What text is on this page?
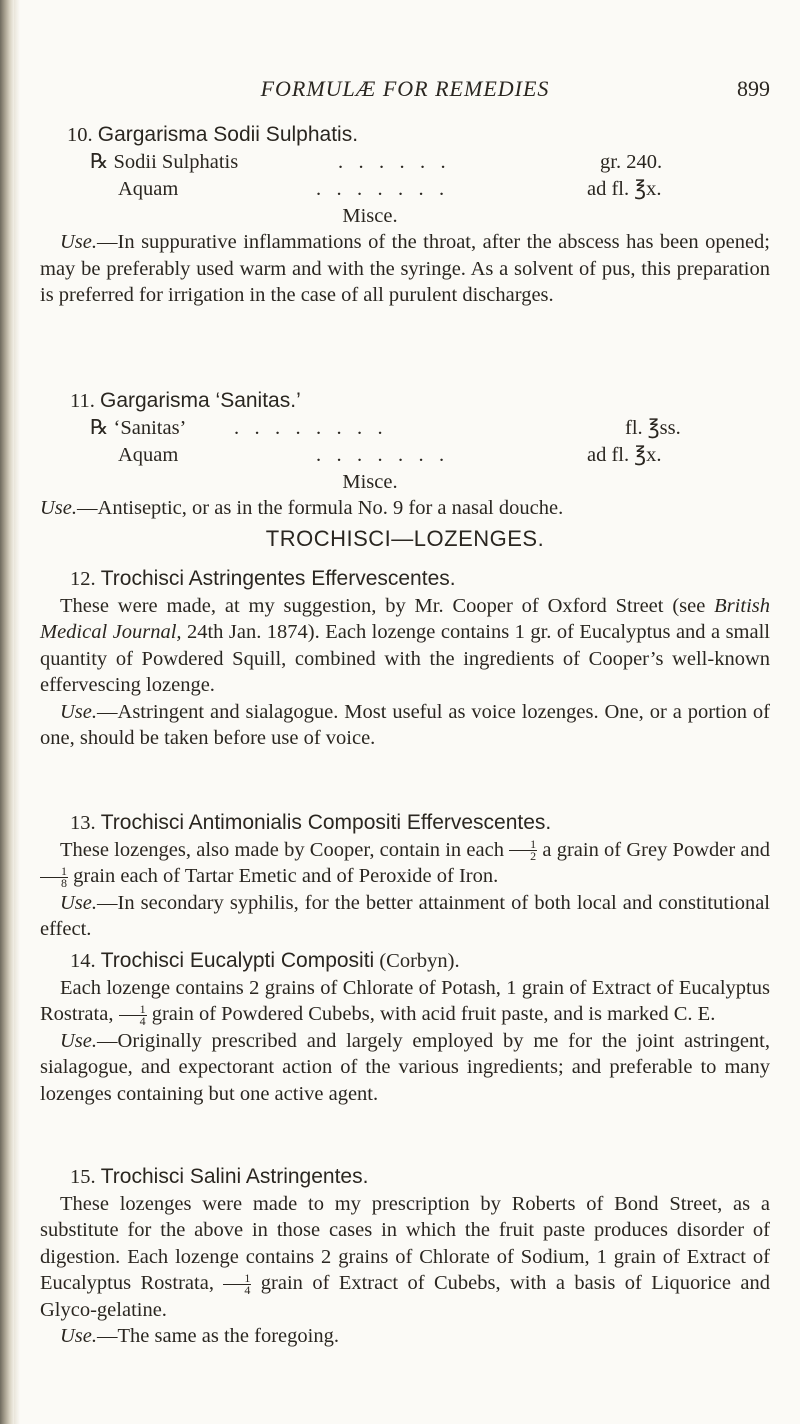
FORMULÆ FOR REMEDIES	899
10. Gargarisma Sodii Sulphatis.
℞ Sodii Sulphatis	.   .   .   .   .   .	gr. 240.
Aquam	.   .   .   .   .   .   .	ad fl. ℥x.
Misce.
Use.—In suppurative inflammations of the throat, after the abscess has been opened; may be preferably used warm and with the syringe. As a solvent of pus, this preparation is preferred for irrigation in the case of all purulent discharges.
11. Gargarisma ‘Sanitas.’
℞ ‘Sanitas’ .   .   .   .   .   .   .   .	fl. ℥ss.
Aquam	.   .   .   .   .   .   .	ad fl. ℥x.
Misce.
Use.—Antiseptic, or as in the formula No. 9 for a nasal douche.
TROCHISCI—LOZENGES.
12. Trochisci Astringentes Effervescentes.
These were made, at my suggestion, by Mr. Cooper of Oxford Street (see British Medical Journal, 24th Jan. 1874). Each lozenge contains 1 gr. of Eucalyptus and a small quantity of Powdered Squill, combined with the ingredients of Cooper’s well-known effervescing lozenge.
Use.—Astringent and sialagogue. Most useful as voice lozenges. One, or a portion of one, should be taken before use of voice.
13. Trochisci Antimonialis Compositi Effervescentes.
These lozenges, also made by Cooper, contain in each $\frac{1}{2}$ a grain of Grey Powder and
$\frac{1}{8}$ grain each of Tartar Emetic and of Peroxide of Iron.
Use.—In secondary syphilis, for the better attainment of both local and constitutional effect.
14. Trochisci Eucalypti Compositi (Corbyn).
Each lozenge contains 2 grains of Chlorate of Potash, 1 grain of Extract of Eucalyptus Rostrata, $\frac{1}{4}$ grain of Powdered Cubebs, with acid fruit paste, and is marked C. E.
Use.—Originally prescribed and largely employed by me for the joint astringent, sialagogue, and expectorant action of the various ingredients; and preferable to many lozenges containing but one active agent.
15. Trochisci Salini Astringentes.
These lozenges were made to my prescription by Roberts of Bond Street, as a substitute for the above in those cases in which the fruit paste produces disorder of digestion. Each lozenge contains 2 grains of Chlorate of Sodium, 1 grain of Extract of Eucalyptus Rostrata, $\frac{1}{4}$ grain of Extract of Cubebs, with a basis of Liquorice and Glyco-gelatine.
Use.—The same as the foregoing.
